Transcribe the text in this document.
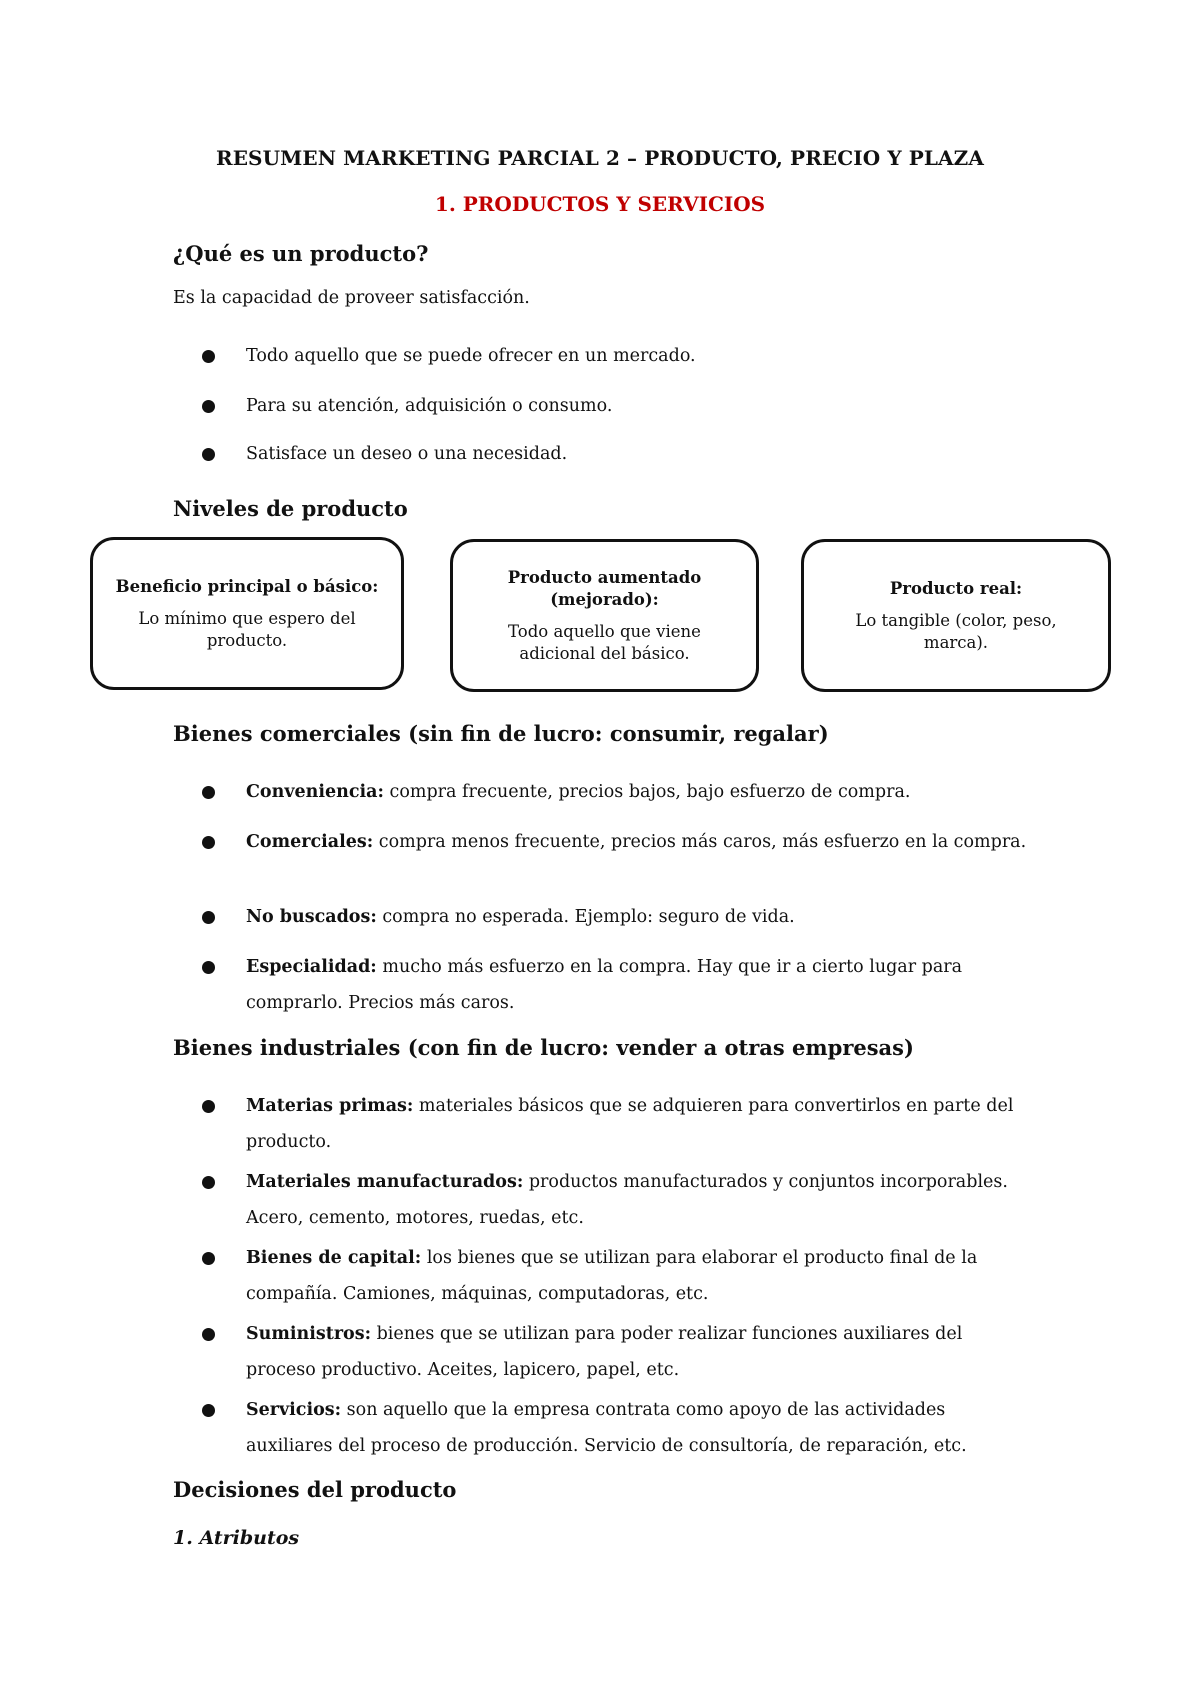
RESUMEN MARKETING PARCIAL 2 – PRODUCTO, PRECIO Y PLAZA

1. PRODUCTOS Y SERVICIOS

¿Qué es un producto?

Es la capacidad de proveer satisfacción.

Todo aquello que se puede ofrecer en un mercado.
Para su atención, adquisición o consumo.
Satisface un deseo o una necesidad.

Niveles de producto

Beneficio principal o básico:
Lo mínimo que espero del producto.
Producto aumentado (mejorado):
Todo aquello que viene adicional del básico.
Producto real:
Lo tangible (color, peso, marca).

Bienes comerciales (sin fin de lucro: consumir, regalar)

Conveniencia: compra frecuente, precios bajos, bajo esfuerzo de compra.
Comerciales: compra menos frecuente, precios más caros, más esfuerzo en la compra.
No buscados: compra no esperada. Ejemplo: seguro de vida.
Especialidad: mucho más esfuerzo en la compra. Hay que ir a cierto lugar para comprarlo. Precios más caros.

Bienes industriales (con fin de lucro: vender a otras empresas)

Materias primas: materiales básicos que se adquieren para convertirlos en parte del producto.
Materiales manufacturados: productos manufacturados y conjuntos incorporables. Acero, cemento, motores, ruedas, etc.
Bienes de capital: los bienes que se utilizan para elaborar el producto final de la compañía. Camiones, máquinas, computadoras, etc.
Suministros: bienes que se utilizan para poder realizar funciones auxiliares del proceso productivo. Aceites, lapicero, papel, etc.
Servicios: son aquello que la empresa contrata como apoyo de las actividades auxiliares del proceso de producción. Servicio de consultoría, de reparación, etc.

Decisiones del producto

1. Atributos
